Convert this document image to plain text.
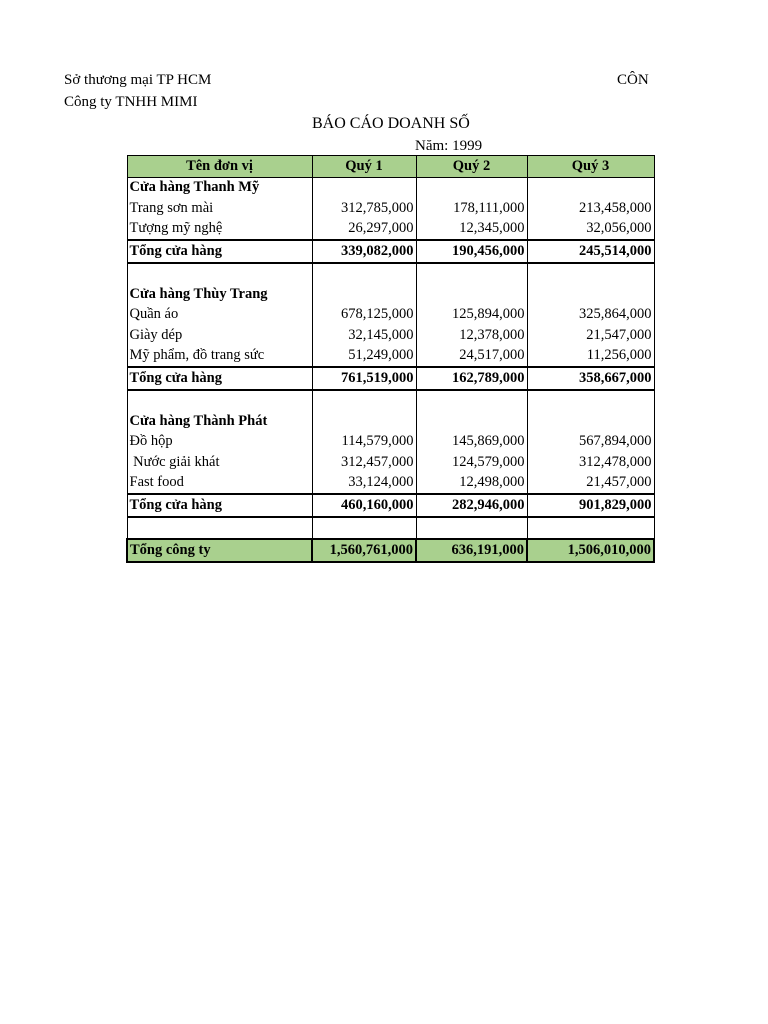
Sở thương mại TP HCM
Công ty TNHH MIMI
CÔN
BÁO CÁO DOANH SỐ
Năm: 1999
Tên đơn vị	Quý 1	Quý 2	Quý 3
Cửa hàng Thanh Mỹ			
Trang sơn mài	312,785,000	178,111,000	213,458,000
Tượng mỹ nghệ	26,297,000	12,345,000	32,056,000
Tổng cửa hàng	339,082,000	190,456,000	245,514,000

Cửa hàng Thùy Trang			
Quần áo	678,125,000	125,894,000	325,864,000
Giày dép	32,145,000	12,378,000	21,547,000
Mỹ phẩm, đồ trang sức	51,249,000	24,517,000	11,256,000
Tổng cửa hàng	761,519,000	162,789,000	358,667,000

Cửa hàng Thành Phát			
Đồ hộp	114,579,000	145,869,000	567,894,000
Nước giải khát	312,457,000	124,579,000	312,478,000
Fast food	33,124,000	12,498,000	21,457,000
Tổng cửa hàng	460,160,000	282,946,000	901,829,000

Tổng công ty	1,560,761,000	636,191,000	1,506,010,000
